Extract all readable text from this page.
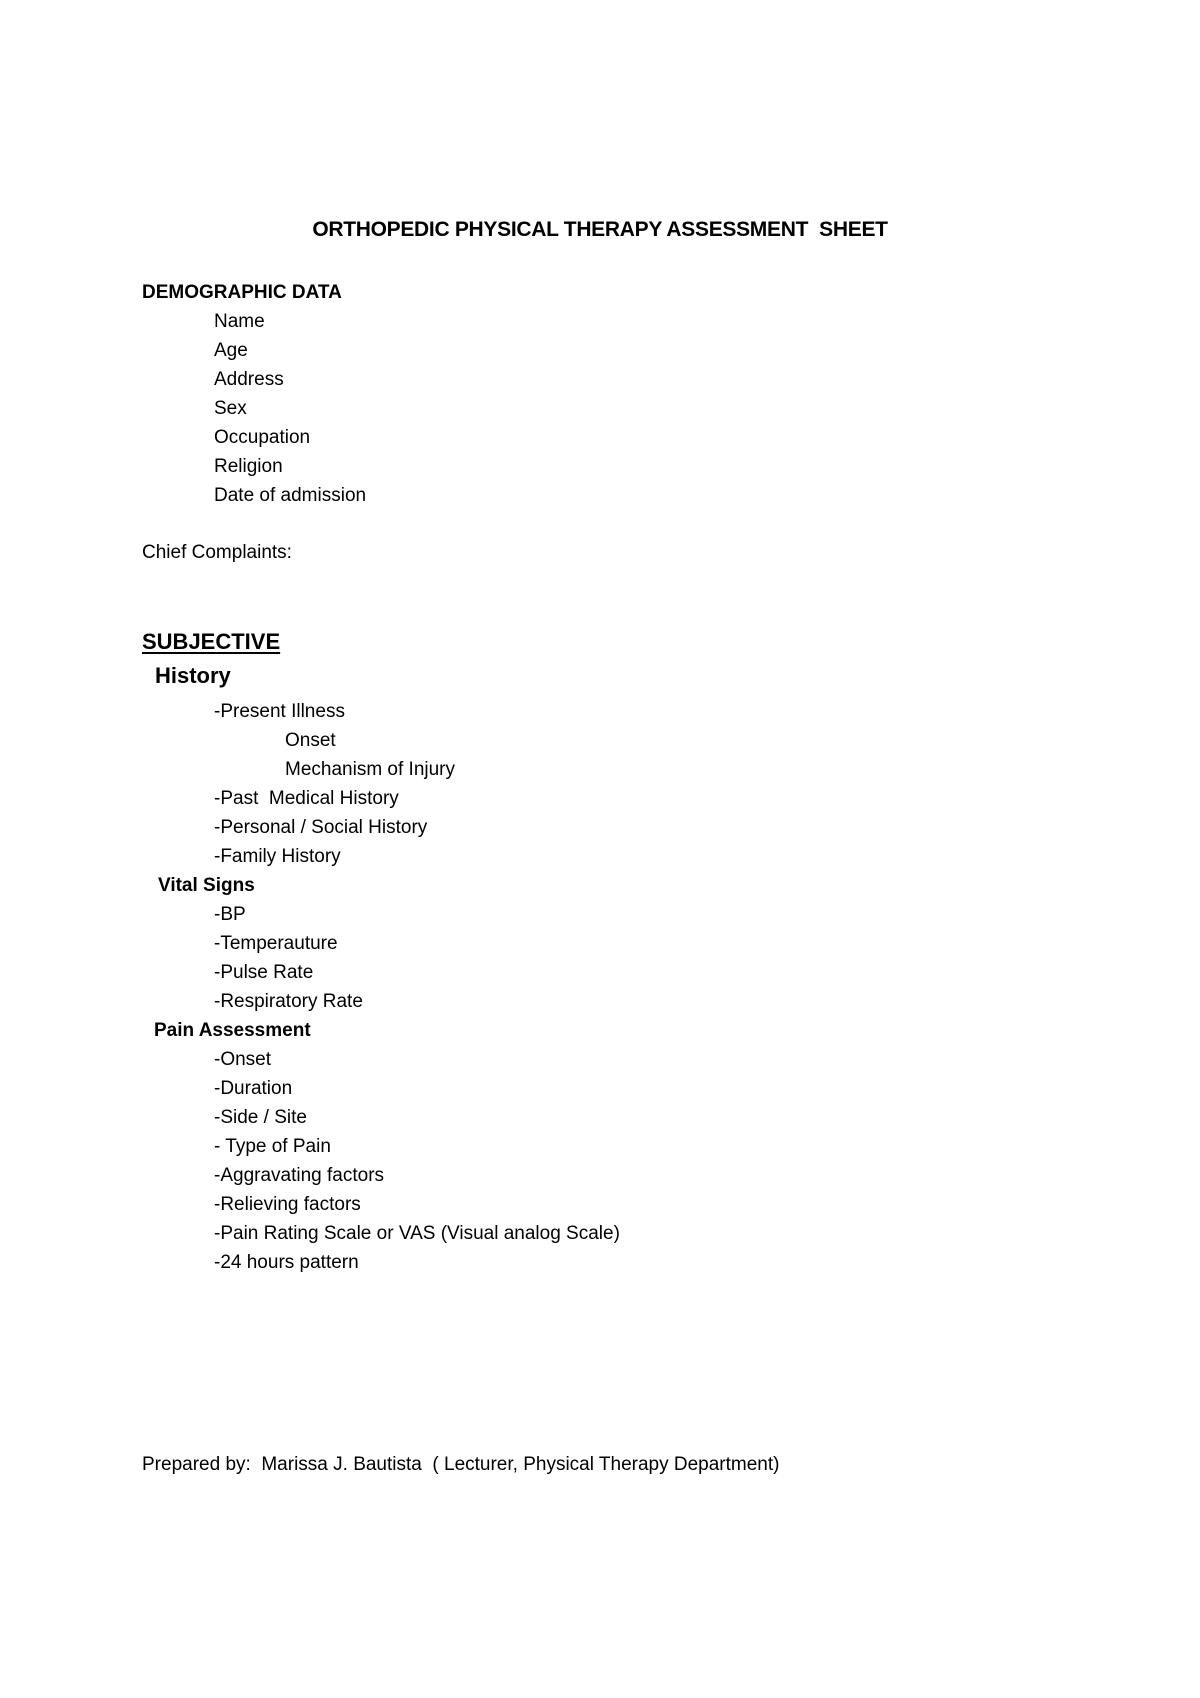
ORTHOPEDIC PHYSICAL THERAPY ASSESSMENT  SHEET
DEMOGRAPHIC DATA
Name
Age
Address
Sex
Occupation
Religion
Date of admission
Chief Complaints:
SUBJECTIVE
History
-Present Illness
Onset
Mechanism of Injury
-Past  Medical History
-Personal / Social History
-Family History
Vital Signs
-BP
-Temperauture
-Pulse Rate
-Respiratory Rate
Pain Assessment
-Onset
-Duration
-Side / Site
- Type of Pain
-Aggravating factors
-Relieving factors
-Pain Rating Scale or VAS (Visual analog Scale)
-24 hours pattern
Prepared by:  Marissa J. Bautista  ( Lecturer, Physical Therapy Department)
